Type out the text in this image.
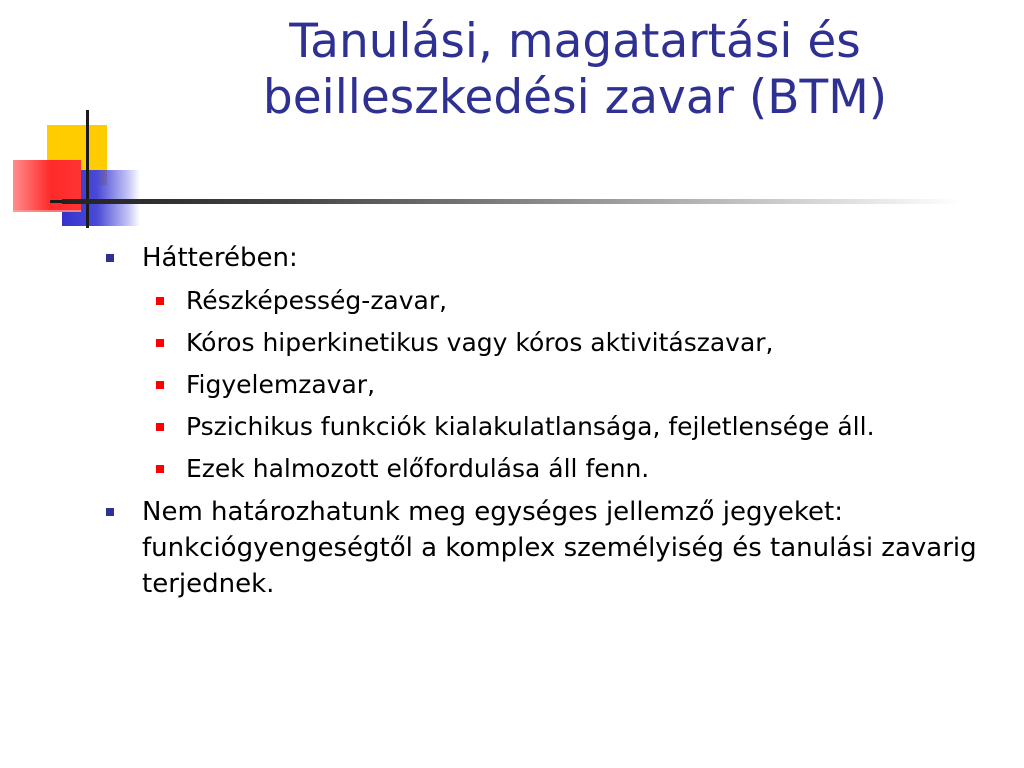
Tanulási, magatartási és
beilleszkedési zavar (BTM)
Hátterében:
Részképesség-zavar,
Kóros hiperkinetikus vagy kóros aktivitászavar,
Figyelemzavar,
Pszichikus funkciók kialakulatlansága, fejletlensége áll.
Ezek halmozott előfordulása áll fenn.
Nem határozhatunk meg egységes jellemző jegyeket: funkciógyengeségtől a komplex személyiség és tanulási zavarig terjednek.
